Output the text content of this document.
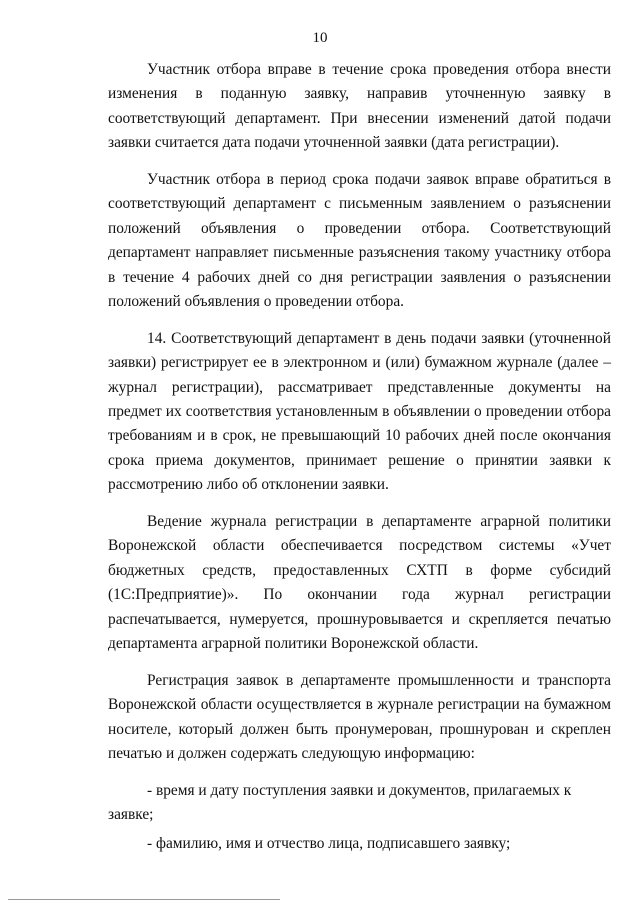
10

Участник отбора вправе в течение срока проведения отбора внести изменения в поданную заявку, направив уточненную заявку в соответствующий департамент. При внесении изменений датой подачи заявки считается дата подачи уточненной заявки (дата регистрации).

Участник отбора в период срока подачи заявок вправе обратиться в соответствующий департамент с письменным заявлением о разъяснении положений объявления о проведении отбора. Соответствующий департамент направляет письменные разъяснения такому участнику отбора в течение 4 рабочих дней со дня регистрации заявления о разъяснении положений объявления о проведении отбора.

14. Соответствующий департамент в день подачи заявки (уточненной заявки) регистрирует ее в электронном и (или) бумажном журнале (далее – журнал регистрации), рассматривает представленные документы на предмет их соответствия установленным в объявлении о проведении отбора требованиям и в срок, не превышающий 10 рабочих дней после окончания срока приема документов, принимает решение о принятии заявки к рассмотрению либо об отклонении заявки.

Ведение журнала регистрации в департаменте аграрной политики Воронежской области обеспечивается посредством системы «Учет бюджетных средств, предоставленных СХТП в форме субсидий (1С:Предприятие)». По окончании года журнал регистрации распечатывается, нумеруется, прошнуровывается и скрепляется печатью департамента аграрной политики Воронежской области.

Регистрация заявок в департаменте промышленности и транспорта Воронежской области осуществляется в журнале регистрации на бумажном носителе, который должен быть пронумерован, прошнурован и скреплен печатью и должен содержать следующую информацию:

- время и дату поступления заявки и документов, прилагаемых к заявке;

- фамилию, имя и отчество лица, подписавшего заявку;
